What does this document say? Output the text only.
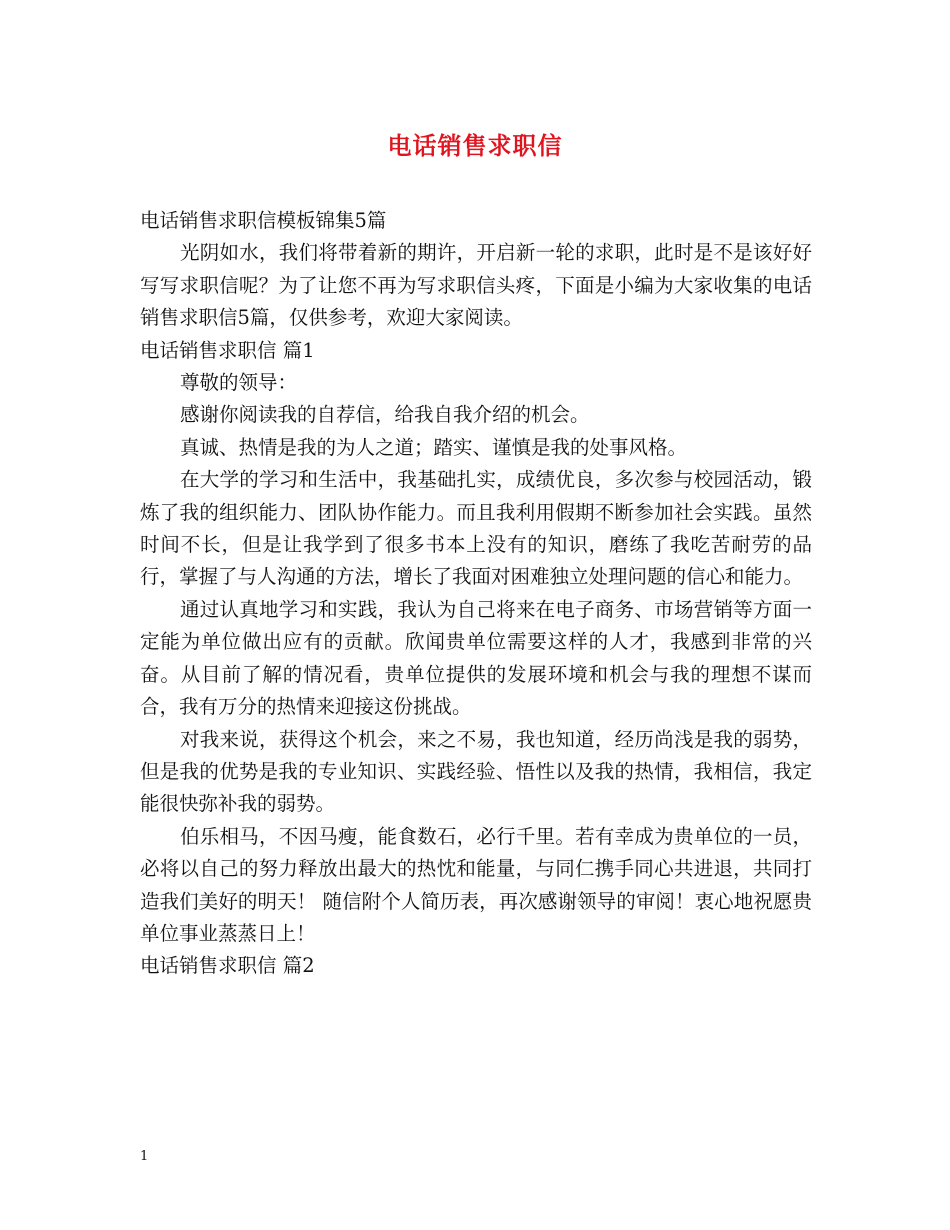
电话销售求职信

电话销售求职信模板锦集5篇

光阴如水，我们将带着新的期许，开启新一轮的求职，此时是不是该好好写写求职信呢？为了让您不再为写求职信头疼，下面是小编为大家收集的电话销售求职信5篇，仅供参考，欢迎大家阅读。

电话销售求职信 篇1

尊敬的领导：

感谢你阅读我的自荐信，给我自我介绍的机会。

真诚、热情是我的为人之道；踏实、谨慎是我的处事风格。

在大学的学习和生活中，我基础扎实，成绩优良，多次参与校园活动，锻炼了我的组织能力、团队协作能力。而且我利用假期不断参加社会实践。虽然时间不长，但是让我学到了很多书本上没有的知识，磨练了我吃苦耐劳的品行，掌握了与人沟通的方法，增长了我面对困难独立处理问题的信心和能力。

通过认真地学习和实践，我认为自己将来在电子商务、市场营销等方面一定能为单位做出应有的贡献。欣闻贵单位需要这样的人才，我感到非常的兴奋。从目前了解的情况看，贵单位提供的发展环境和机会与我的理想不谋而合，我有万分的热情来迎接这份挑战。

对我来说，获得这个机会，来之不易，我也知道，经历尚浅是我的弱势，但是我的优势是我的专业知识、实践经验、悟性以及我的热情，我相信，我定能很快弥补我的弱势。

伯乐相马，不因马瘦，能食数石，必行千里。若有幸成为贵单位的一员，必将以自己的努力释放出最大的热忱和能量，与同仁携手同心共进退，共同打造我们美好的明天！ 随信附个人简历表，再次感谢领导的审阅！衷心地祝愿贵单位事业蒸蒸日上！

电话销售求职信 篇2

1
